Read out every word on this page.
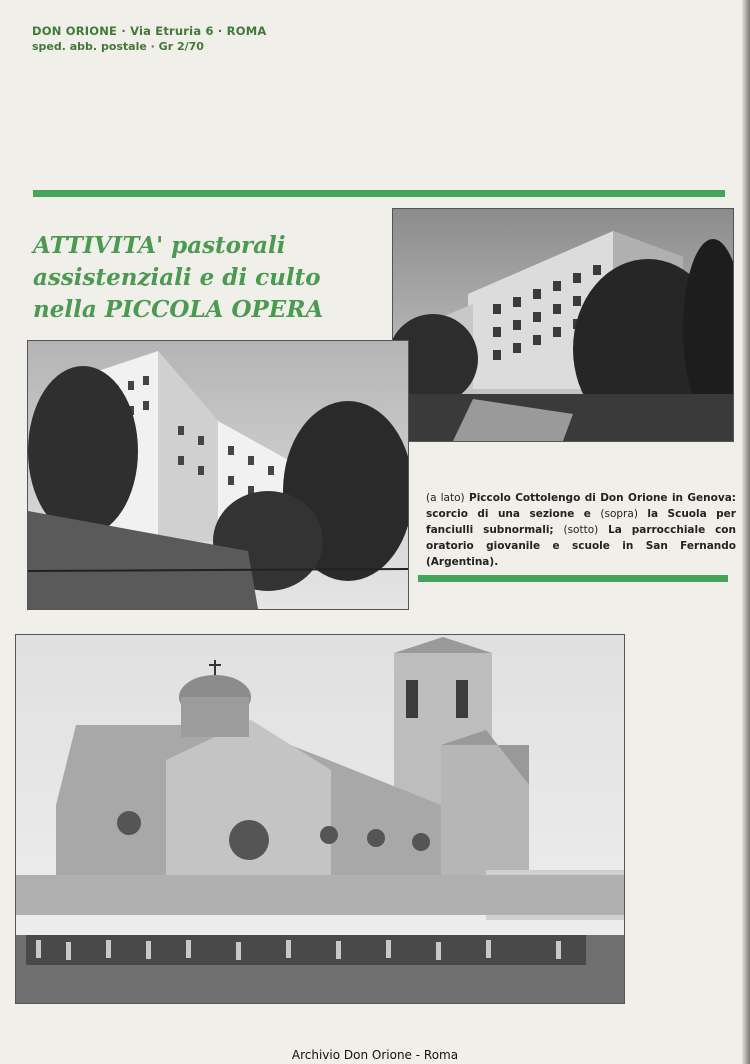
DON ORIONE · Via Etruria 6 · ROMA
sped. abb. postale · Gr 2/70
ATTIVITA' pastorali
assistenziali e di culto
nella PICCOLA OPERA
(a lato) Piccolo Cottolengo di Don Orione in Genova: scorcio di una sezione e (sopra) la Scuola per fanciulli subnormali; (sotto) La parrocchiale con oratorio giovanile e scuole in San Fernando (Argentina).
Archivio Don Orione - Roma
